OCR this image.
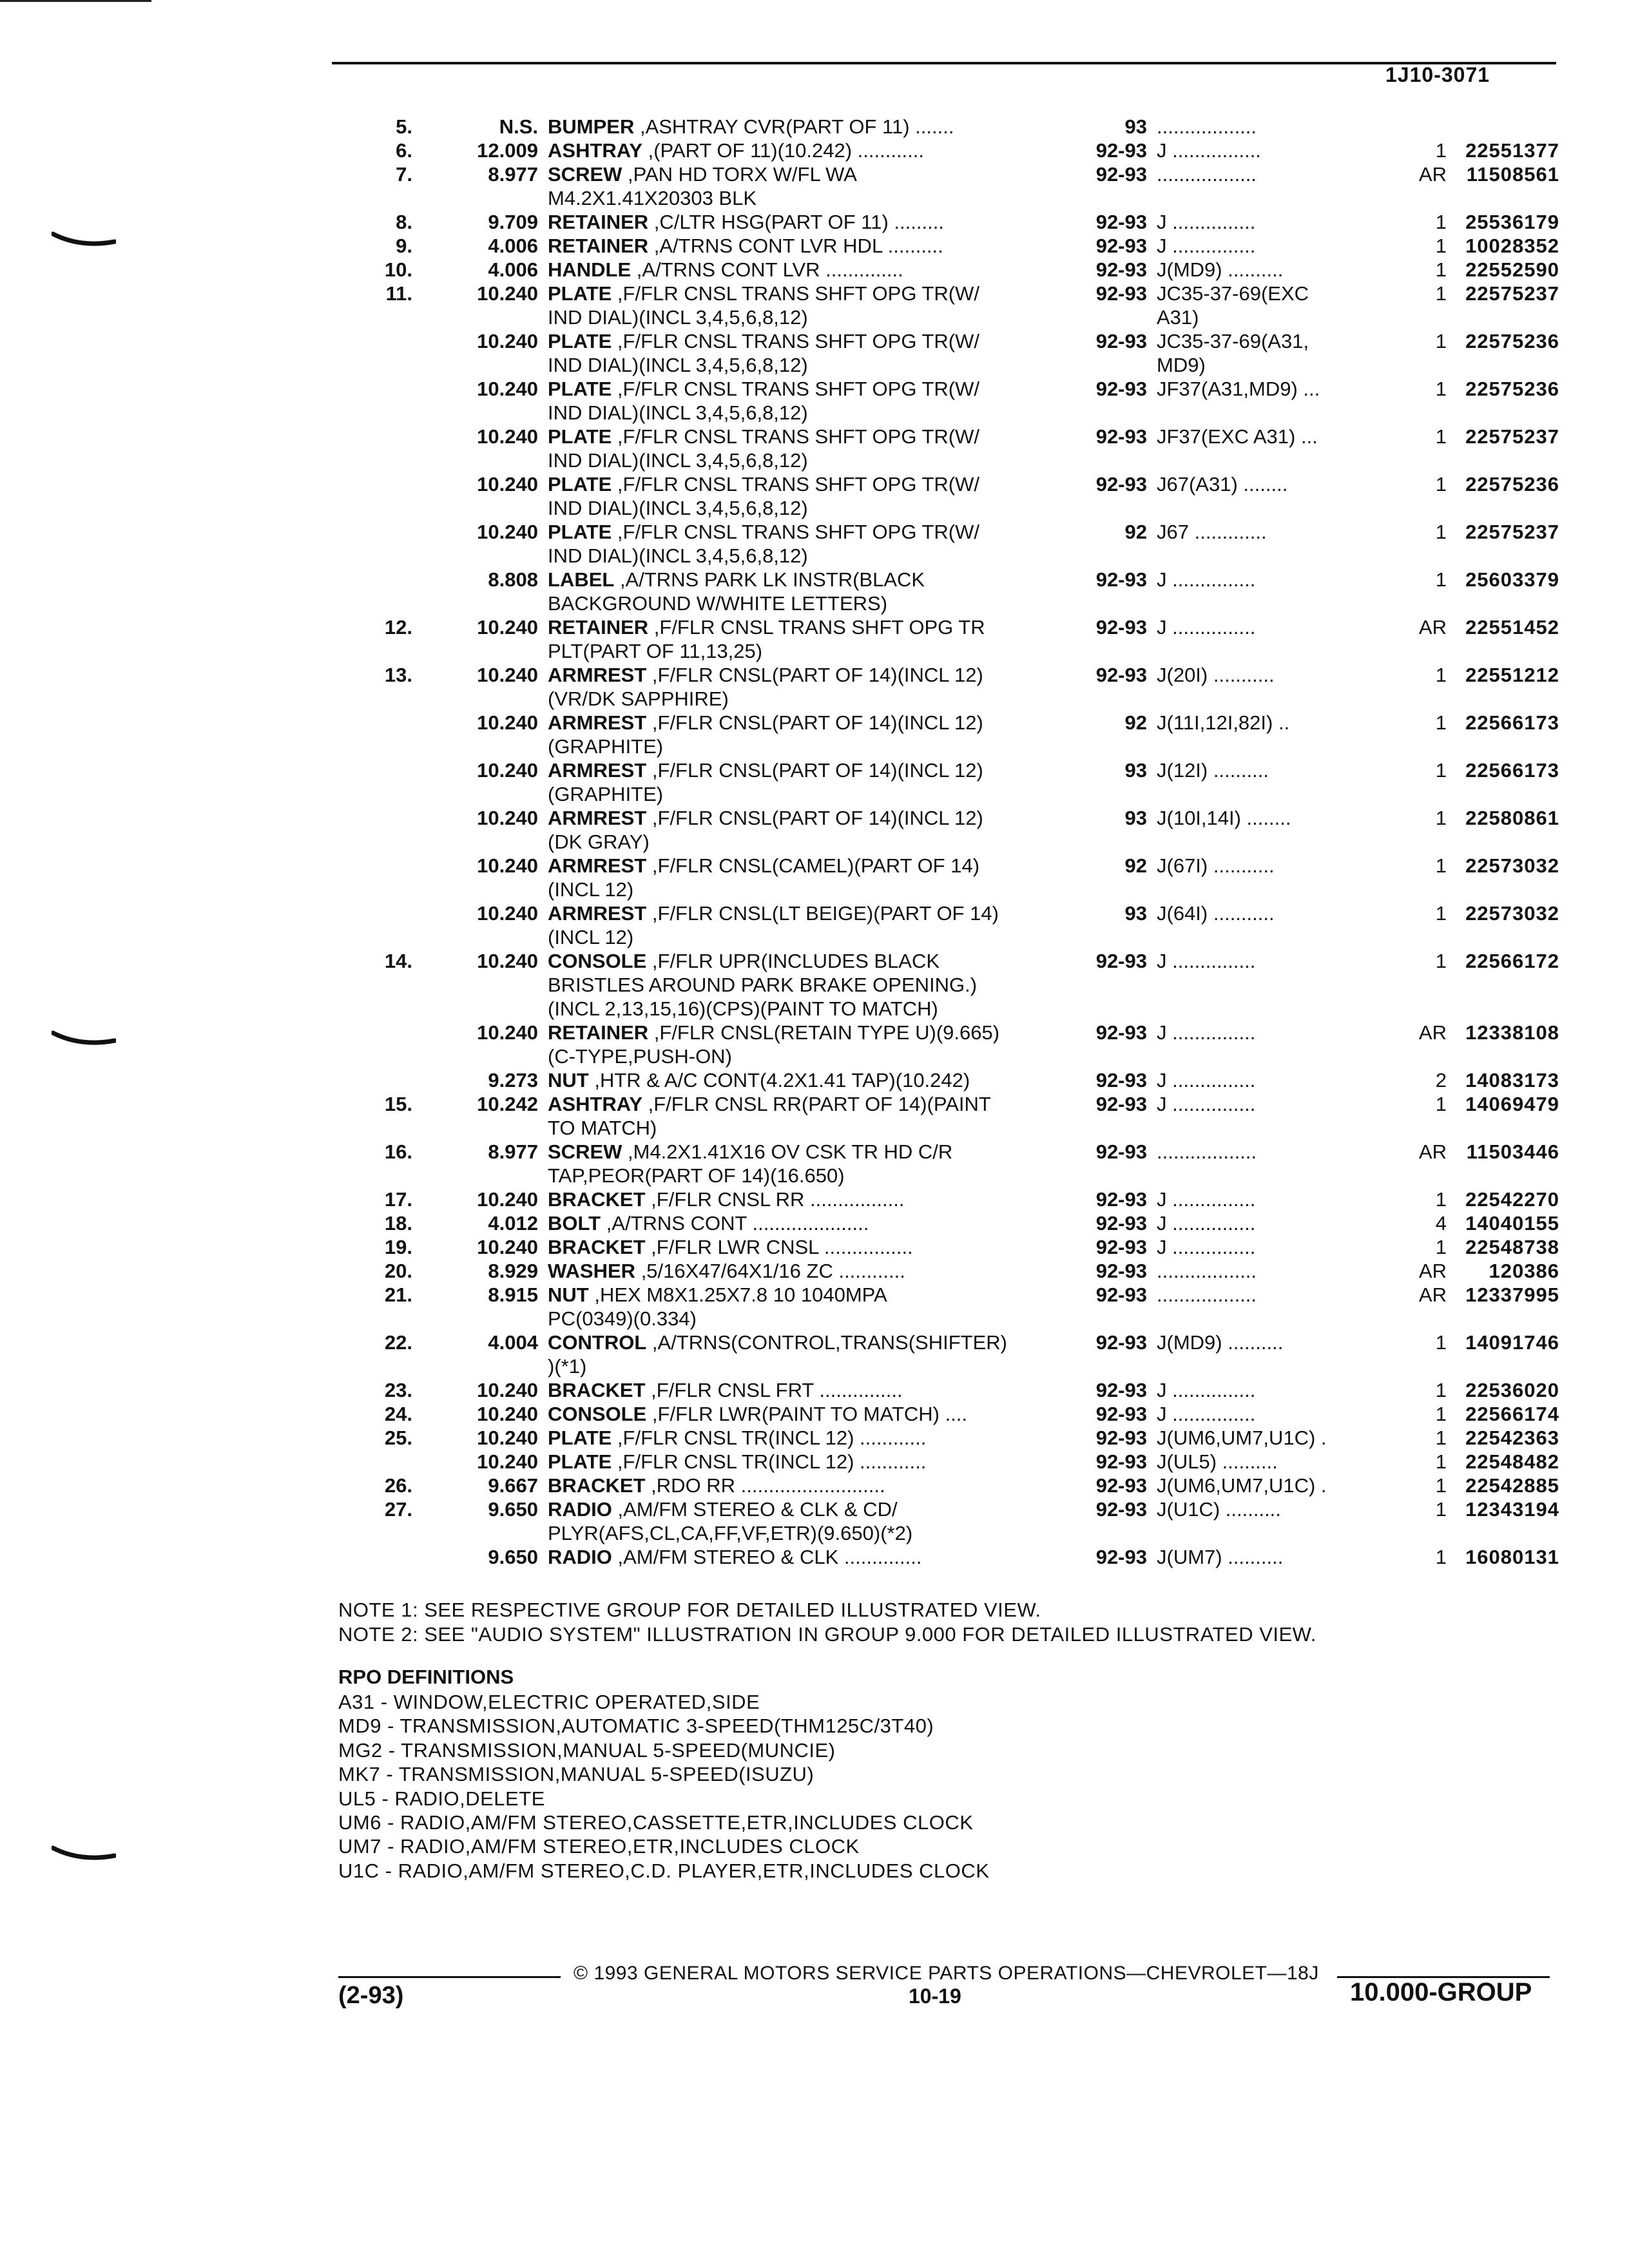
1J10-3071
5.	N.S. BUMPER ,ASHTRAY CVR(PART OF 11) .......	93 ..................
6.	12.009 ASHTRAY ,(PART OF 11)(10.242) ............	92-93 J ................	1 22551377
7.	8.977 SCREW ,PAN HD TORX W/FL WA	92-93 ..................	AR 11508561
M4.2X1.41X20303 BLK
8.	9.709 RETAINER ,C/LTR HSG(PART OF 11) .........	92-93 J ...............	1 25536179
9.	4.006 RETAINER ,A/TRNS CONT LVR HDL ..........	92-93 J ...............	1 10028352
10.	4.006 HANDLE ,A/TRNS CONT LVR ..............	92-93 J(MD9) ..........	1 22552590
11.	10.240 PLATE ,F/FLR CNSL TRANS SHFT OPG TR(W/	92-93 JC35-37-69(EXC	1 22575237
IND DIAL)(INCL 3,4,5,6,8,12)	A31)
10.240 PLATE ,F/FLR CNSL TRANS SHFT OPG TR(W/	92-93 JC35-37-69(A31,	1 22575236
IND DIAL)(INCL 3,4,5,6,8,12)	MD9)
10.240 PLATE ,F/FLR CNSL TRANS SHFT OPG TR(W/	92-93 JF37(A31,MD9) ...	1 22575236
IND DIAL)(INCL 3,4,5,6,8,12)
10.240 PLATE ,F/FLR CNSL TRANS SHFT OPG TR(W/	92-93 JF37(EXC A31) ...	1 22575237
IND DIAL)(INCL 3,4,5,6,8,12)
10.240 PLATE ,F/FLR CNSL TRANS SHFT OPG TR(W/	92-93 J67(A31) ........	1 22575236
IND DIAL)(INCL 3,4,5,6,8,12)
10.240 PLATE ,F/FLR CNSL TRANS SHFT OPG TR(W/	92 J67 .............	1 22575237
IND DIAL)(INCL 3,4,5,6,8,12)
8.808 LABEL ,A/TRNS PARK LK INSTR(BLACK	92-93 J ...............	1 25603379
BACKGROUND W/WHITE LETTERS)
12.	10.240 RETAINER ,F/FLR CNSL TRANS SHFT OPG TR	92-93 J ...............	AR 22551452
PLT(PART OF 11,13,25)
13.	10.240 ARMREST ,F/FLR CNSL(PART OF 14)(INCL 12)	92-93 J(20I) ...........	1 22551212
(VR/DK SAPPHIRE)
10.240 ARMREST ,F/FLR CNSL(PART OF 14)(INCL 12)	92 J(11I,12I,82I) ..	1 22566173
(GRAPHITE)
10.240 ARMREST ,F/FLR CNSL(PART OF 14)(INCL 12)	93 J(12I) ..........	1 22566173
(GRAPHITE)
10.240 ARMREST ,F/FLR CNSL(PART OF 14)(INCL 12)	93 J(10I,14I) ........	1 22580861
(DK GRAY)
10.240 ARMREST ,F/FLR CNSL(CAMEL)(PART OF 14)	92 J(67I) ...........	1 22573032
(INCL 12)
10.240 ARMREST ,F/FLR CNSL(LT BEIGE)(PART OF 14)	93 J(64I) ...........	1 22573032
(INCL 12)
14.	10.240 CONSOLE ,F/FLR UPR(INCLUDES BLACK	92-93 J ...............	1 22566172
BRISTLES AROUND PARK BRAKE OPENING.)
(INCL 2,13,15,16)(CPS)(PAINT TO MATCH)
10.240 RETAINER ,F/FLR CNSL(RETAIN TYPE U)(9.665)	92-93 J ...............	AR 12338108
(C-TYPE,PUSH-ON)
9.273 NUT ,HTR & A/C CONT(4.2X1.41 TAP)(10.242)	92-93 J ...............	2 14083173
15.	10.242 ASHTRAY ,F/FLR CNSL RR(PART OF 14)(PAINT	92-93 J ...............	1 14069479
TO MATCH)
16.	8.977 SCREW ,M4.2X1.41X16 OV CSK TR HD C/R	92-93 ..................	AR 11503446
TAP,PEOR(PART OF 14)(16.650)
17.	10.240 BRACKET ,F/FLR CNSL RR .................	92-93 J ...............	1 22542270
18.	4.012 BOLT ,A/TRNS CONT .....................	92-93 J ...............	4 14040155
19.	10.240 BRACKET ,F/FLR LWR CNSL ................	92-93 J ...............	1 22548738
20.	8.929 WASHER ,5/16X47/64X1/16 ZC ............	92-93 ..................	AR	120386
21.	8.915 NUT ,HEX M8X1.25X7.8 10 1040MPA	92-93 ..................	AR 12337995
PC(0349)(0.334)
22.	4.004 CONTROL ,A/TRNS(CONTROL,TRANS(SHIFTER)	92-93 J(MD9) ..........	1 14091746
)(*1)
23.	10.240 BRACKET ,F/FLR CNSL FRT ...............	92-93 J ...............	1 22536020
24.	10.240 CONSOLE ,F/FLR LWR(PAINT TO MATCH) ....	92-93 J ...............	1 22566174
25.	10.240 PLATE ,F/FLR CNSL TR(INCL 12) ............	92-93 J(UM6,UM7,U1C) .	1 22542363
10.240 PLATE ,F/FLR CNSL TR(INCL 12) ............	92-93 J(UL5) ..........	1 22548482
26.	9.667 BRACKET ,RDO RR ..........................	92-93 J(UM6,UM7,U1C) .	1 22542885
27.	9.650 RADIO ,AM/FM STEREO & CLK & CD/	92-93 J(U1C) ..........	1 12343194
PLYR(AFS,CL,CA,FF,VF,ETR)(9.650)(*2)
9.650 RADIO ,AM/FM STEREO & CLK ..............	92-93 J(UM7) ..........	1 16080131
NOTE 1: SEE RESPECTIVE GROUP FOR DETAILED ILLUSTRATED VIEW.
NOTE 2: SEE "AUDIO SYSTEM" ILLUSTRATION IN GROUP 9.000 FOR DETAILED ILLUSTRATED VIEW.
RPO DEFINITIONS
A31 - WINDOW,ELECTRIC OPERATED,SIDE
MD9 - TRANSMISSION,AUTOMATIC 3-SPEED(THM125C/3T40)
MG2 - TRANSMISSION,MANUAL 5-SPEED(MUNCIE)
MK7 - TRANSMISSION,MANUAL 5-SPEED(ISUZU)
UL5 - RADIO,DELETE
UM6 - RADIO,AM/FM STEREO,CASSETTE,ETR,INCLUDES CLOCK
UM7 - RADIO,AM/FM STEREO,ETR,INCLUDES CLOCK
U1C - RADIO,AM/FM STEREO,C.D. PLAYER,ETR,INCLUDES CLOCK
© 1993 GENERAL MOTORS SERVICE PARTS OPERATIONS—CHEVROLET—18J
(2-93)	10-19	10.000-GROUP
